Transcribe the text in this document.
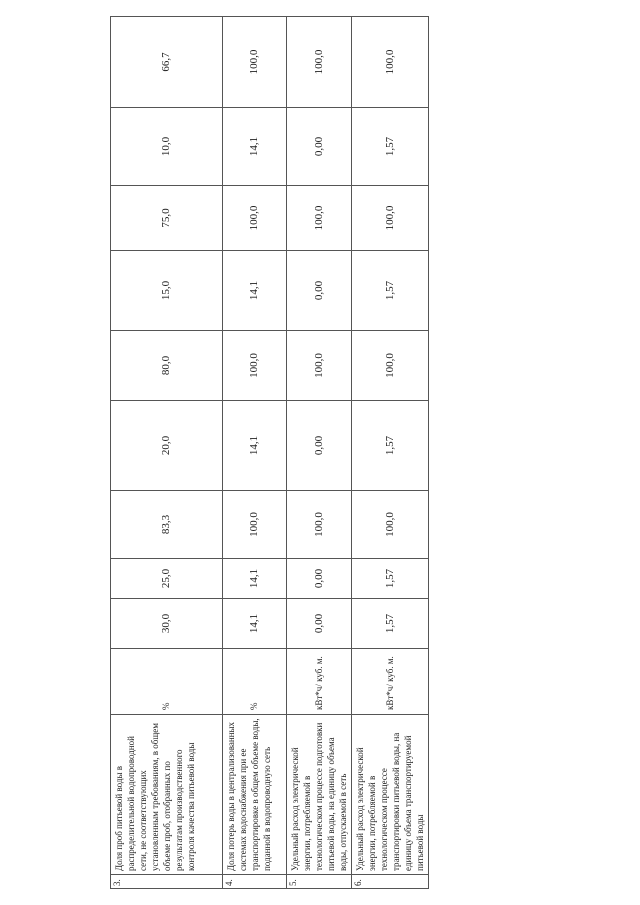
3.	Доля проб питьевой воды в распределительной водопроводной сети, не соответствующих установленным требованиям, в общем объеме проб, отобранных по результатам производственного контроля качества питьевой воды	%	30,0	25,0	83,3	20,0	80,0	15,0	75,0	10,0	66,7
4.	Доля потерь воды в централизованных системах водоснабжения при ее транспортировке в общем объеме воды, поданной в водопроводную сеть	%	14,1	14,1	100,0	14,1	100,0	14,1	100,0	14,1	100,0
5.	Удельный расход электрической энергии, потребляемой в технологическом процессе подготовки питьевой воды, на единицу объема воды, отпускаемой в сеть	кВт*ч/ куб. м.	0,00	0,00	100,0	0,00	100,0	0,00	100,0	0,00	100,0
6.	Удельный расход электрической энергии, потребляемой в технологическом процессе транспортировки питьевой воды, на единицу объема транспортируемой питьевой воды	кВт*ч/ куб. м.	1,57	1,57	100,0	1,57	100,0	1,57	100,0	1,57	100,0
